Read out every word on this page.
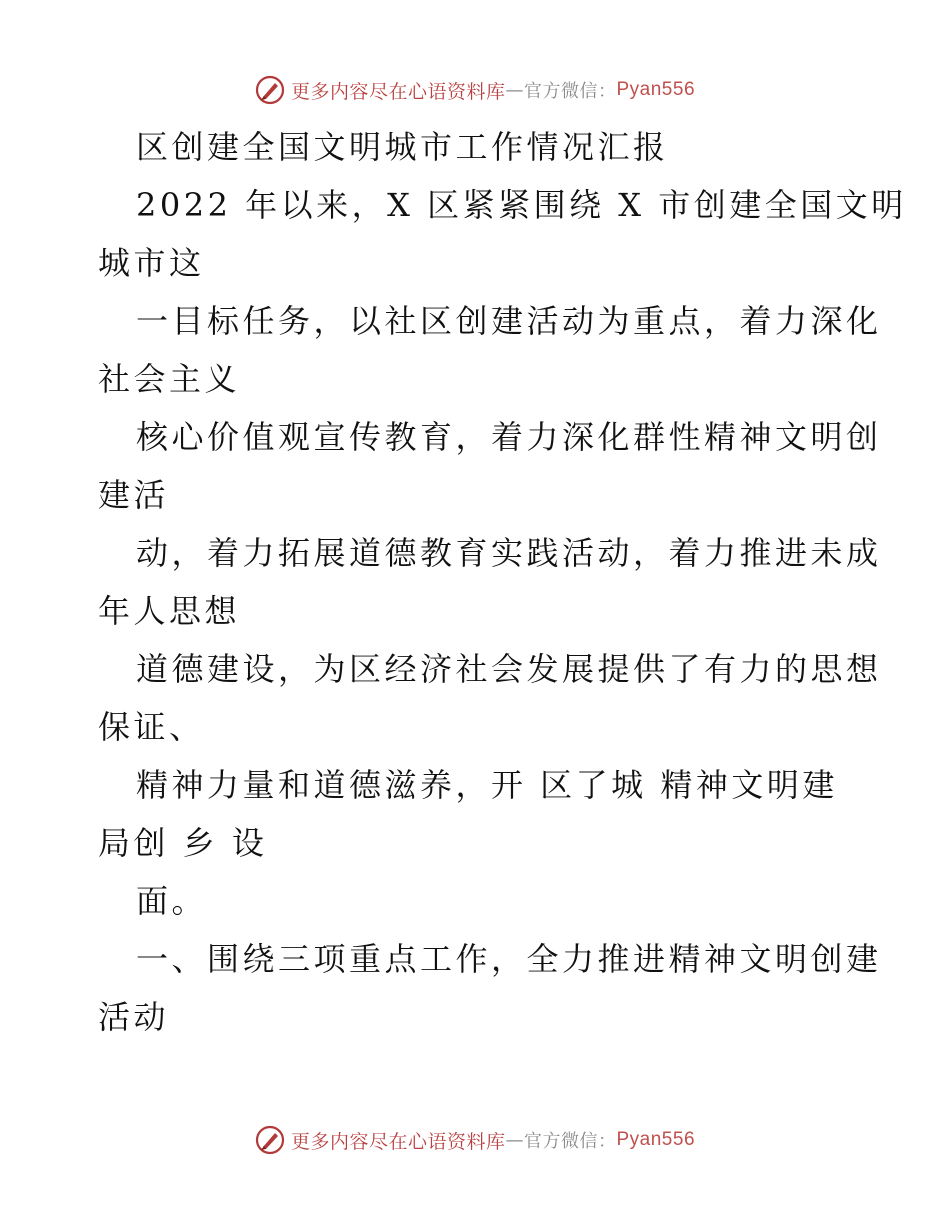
更多内容尽在心语资料库 — 官方微信： Pyan556
区创建全国文明城市工作情况汇报
2022 年以来，X 区紧紧围绕 X 市创建全国文明
城市这
一目标任务，以社区创建活动为重点，着力深化
社会主义
核心价值观宣传教育，着力深化群性精神文明创
建活
动，着力拓展道德教育实践活动，着力推进未成
年人思想
道德建设，为区经济社会发展提供了有力的思想
保证、
精神力量和道德滋养，开 区了城 精神文明建
局创 乡 设
面。
一、围绕三项重点工作，全力推进精神文明创建
活动
更多内容尽在心语资料库 — 官方微信： Pyan556
